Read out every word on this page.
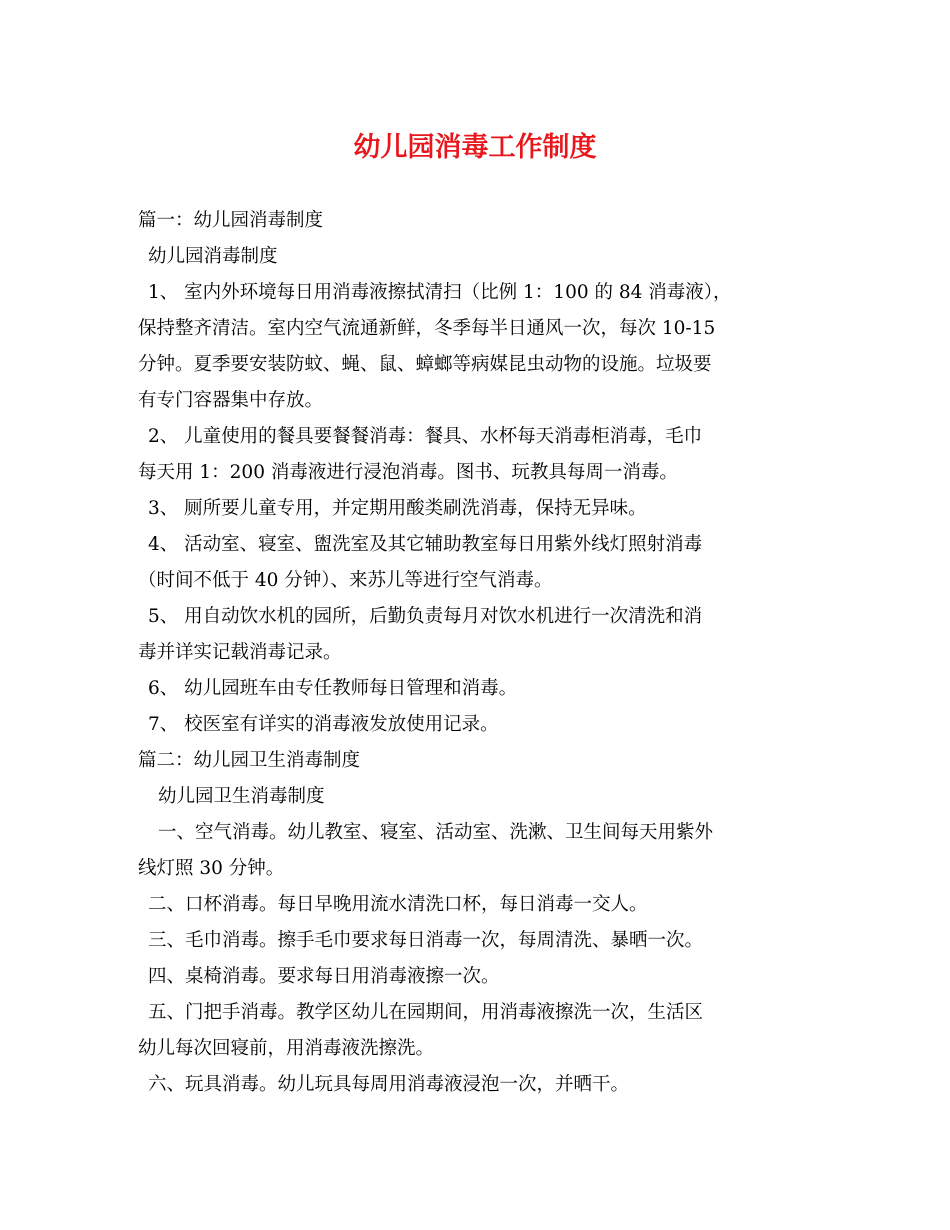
幼儿园消毒工作制度
篇一：幼儿园消毒制度
幼儿园消毒制度
1、 室内外环境每日用消毒液擦拭清扫（比例 1：100 的 84 消毒液），
保持整齐清洁。室内空气流通新鲜，冬季每半日通风一次，每次 10-15
分钟。夏季要安装防蚊、蝇、鼠、蟑螂等病媒昆虫动物的设施。垃圾要
有专门容器集中存放。
2、 儿童使用的餐具要餐餐消毒：餐具、水杯每天消毒柜消毒，毛巾
每天用 1：200 消毒液进行浸泡消毒。图书、玩教具每周一消毒。
3、 厕所要儿童专用，并定期用酸类刷洗消毒，保持无异味。
4、 活动室、寝室、盥洗室及其它辅助教室每日用紫外线灯照射消毒
（时间不低于 40 分钟）、来苏儿等进行空气消毒。
5、 用自动饮水机的园所，后勤负责每月对饮水机进行一次清洗和消
毒并详实记载消毒记录。
6、 幼儿园班车由专任教师每日管理和消毒。
7、 校医室有详实的消毒液发放使用记录。
篇二：幼儿园卫生消毒制度
幼儿园卫生消毒制度
一、空气消毒。幼儿教室、寝室、活动室、洗漱、卫生间每天用紫外
线灯照 30 分钟。
二、口杯消毒。每日早晚用流水清洗口杯，每日消毒一交人。
三、毛巾消毒。擦手毛巾要求每日消毒一次，每周清洗、暴晒一次。
四、桌椅消毒。要求每日用消毒液擦一次。
五、门把手消毒。教学区幼儿在园期间，用消毒液擦洗一次，生活区
幼儿每次回寝前，用消毒液洗擦洗。
六、玩具消毒。幼儿玩具每周用消毒液浸泡一次，并晒干。
